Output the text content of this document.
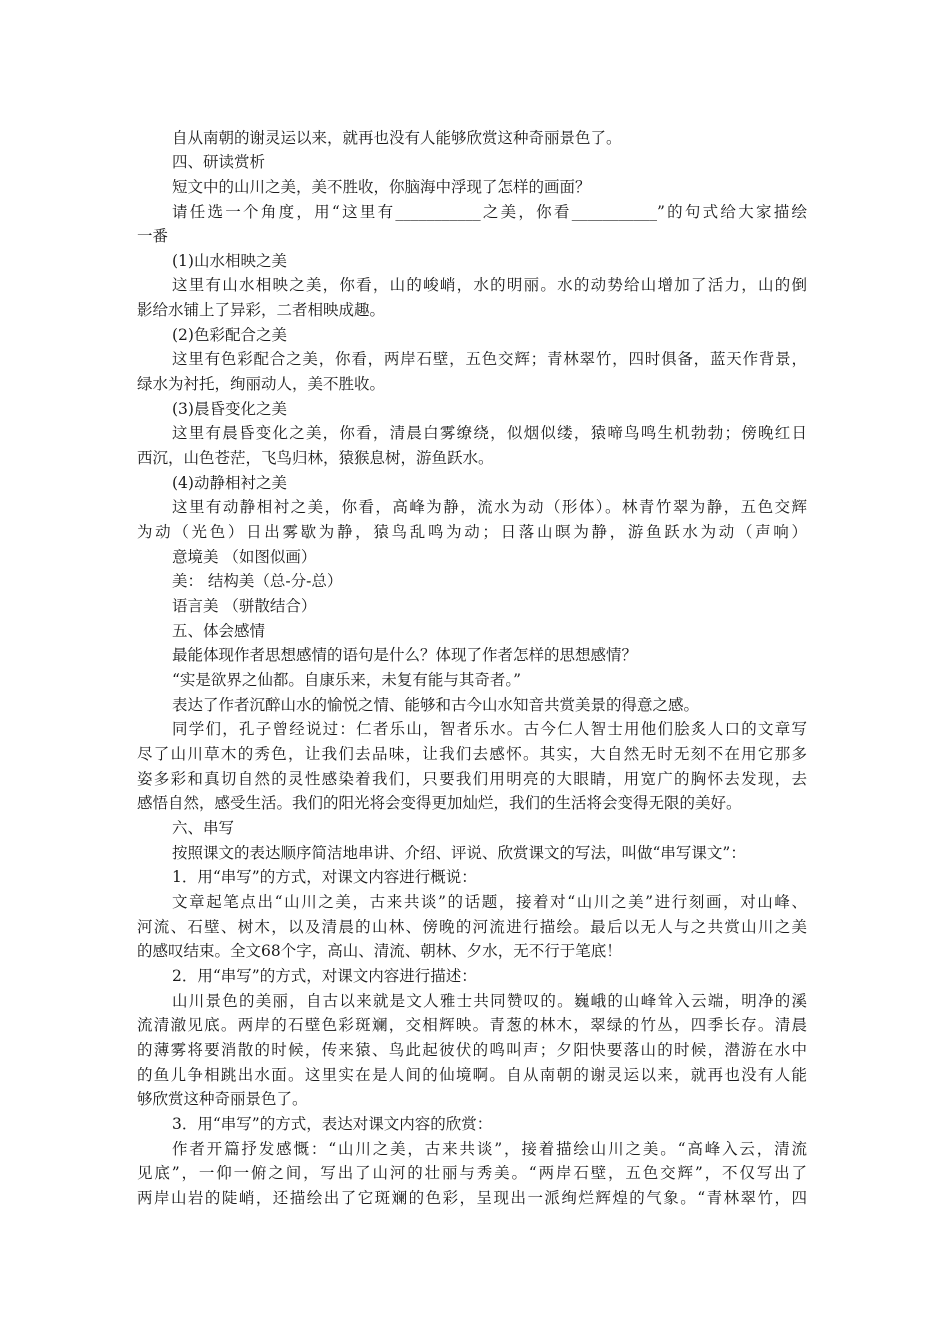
自从南朝的谢灵运以来，就再也没有人能够欣赏这种奇丽景色了。
四、研读赏析
短文中的山川之美，美不胜收，你脑海中浮现了怎样的画面？
请任选一个角度，用“这里有___________之美，你看___________”的句式给大家描绘
一番
(1)山水相映之美
这里有山水相映之美，你看，山的峻峭，水的明丽。水的动势给山增加了活力，山的倒
影给水铺上了异彩，二者相映成趣。
(2)色彩配合之美
这里有色彩配合之美，你看，两岸石壁，五色交辉；青林翠竹，四时俱备，蓝天作背景，
绿水为衬托，绚丽动人，美不胜收。
(3)晨昏变化之美
这里有晨昏变化之美，你看，清晨白雾缭绕，似烟似缕，猿啼鸟鸣生机勃勃；傍晚红日
西沉，山色苍茫，飞鸟归林，猿猴息树，游鱼跃水。
(4)动静相衬之美
这里有动静相衬之美，你看，高峰为静，流水为动（形体）。林青竹翠为静，五色交辉
为动（光色）日出雾歇为静，猿鸟乱鸣为动；日落山暝为静，游鱼跃水为动（声响）
意境美 （如图似画）
美： 结构美（总-分-总）
语言美 （骈散结合）
五、体会感情
最能体现作者思想感情的语句是什么？体现了作者怎样的思想感情？
“实是欲界之仙都。自康乐来，未复有能与其奇者。”
表达了作者沉醉山水的愉悦之情、能够和古今山水知音共赏美景的得意之感。
同学们，孔子曾经说过：仁者乐山，智者乐水。古今仁人智士用他们脍炙人口的文章写
尽了山川草木的秀色，让我们去品味，让我们去感怀。其实，大自然无时无刻不在用它那多
姿多彩和真切自然的灵性感染着我们，只要我们用明亮的大眼睛，用宽广的胸怀去发现，去
感悟自然，感受生活。我们的阳光将会变得更加灿烂，我们的生活将会变得无限的美好。
六、串写
按照课文的表达顺序简洁地串讲、介绍、评说、欣赏课文的写法，叫做“串写课文”：
1．用“串写”的方式，对课文内容进行概说：
文章起笔点出“山川之美，古来共谈”的话题，接着对“山川之美”进行刻画，对山峰、
河流、石壁、树木，以及清晨的山林、傍晚的河流进行描绘。最后以无人与之共赏山川之美
的感叹结束。全文68个字，高山、清流、朝林、夕水，无不行于笔底！
2．用“串写”的方式，对课文内容进行描述：
山川景色的美丽，自古以来就是文人雅士共同赞叹的。巍峨的山峰耸入云端，明净的溪
流清澈见底。两岸的石壁色彩斑斓，交相辉映。青葱的林木，翠绿的竹丛，四季长存。清晨
的薄雾将要消散的时候，传来猿、鸟此起彼伏的鸣叫声；夕阳快要落山的时候，潜游在水中
的鱼儿争相跳出水面。这里实在是人间的仙境啊。自从南朝的谢灵运以来，就再也没有人能
够欣赏这种奇丽景色了。
3．用“串写”的方式，表达对课文内容的欣赏：
作者开篇抒发感慨：“山川之美，古来共谈”，接着描绘山川之美。“高峰入云，清流
见底”，一仰一俯之间，写出了山河的壮丽与秀美。“两岸石壁，五色交辉”，不仅写出了
两岸山岩的陡峭，还描绘出了它斑斓的色彩，呈现出一派绚烂辉煌的气象。“青林翠竹，四
